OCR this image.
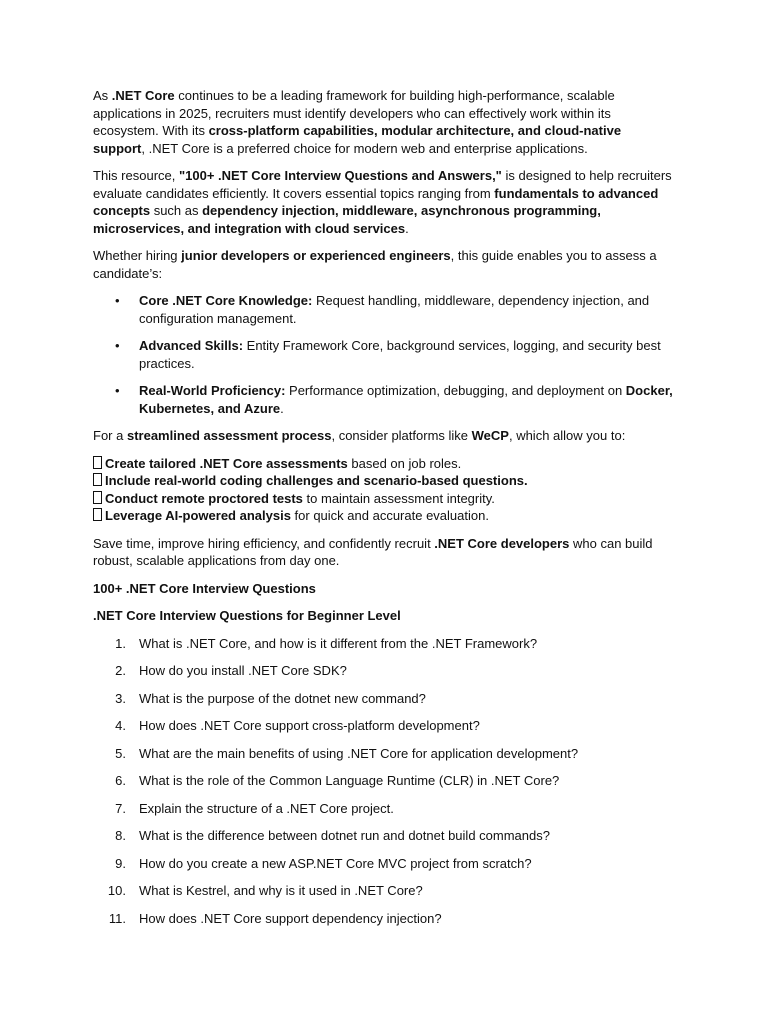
As .NET Core continues to be a leading framework for building high-performance, scalable applications in 2025, recruiters must identify developers who can effectively work within its ecosystem. With its cross-platform capabilities, modular architecture, and cloud-native support, .NET Core is a preferred choice for modern web and enterprise applications.

This resource, "100+ .NET Core Interview Questions and Answers," is designed to help recruiters evaluate candidates efficiently. It covers essential topics ranging from fundamentals to advanced concepts such as dependency injection, middleware, asynchronous programming, microservices, and integration with cloud services.

Whether hiring junior developers or experienced engineers, this guide enables you to assess a candidate’s:

• Core .NET Core Knowledge: Request handling, middleware, dependency injection, and configuration management.
• Advanced Skills: Entity Framework Core, background services, logging, and security best practices.
• Real-World Proficiency: Performance optimization, debugging, and deployment on Docker, Kubernetes, and Azure.

For a streamlined assessment process, consider platforms like WeCP, which allow you to:

Create tailored .NET Core assessments based on job roles.
Include real-world coding challenges and scenario-based questions.
Conduct remote proctored tests to maintain assessment integrity.
Leverage AI-powered analysis for quick and accurate evaluation.

Save time, improve hiring efficiency, and confidently recruit .NET Core developers who can build robust, scalable applications from day one.

100+ .NET Core Interview Questions
.NET Core Interview Questions for Beginner Level
1. What is .NET Core, and how is it different from the .NET Framework?
2. How do you install .NET Core SDK?
3. What is the purpose of the dotnet new command?
4. How does .NET Core support cross-platform development?
5. What are the main benefits of using .NET Core for application development?
6. What is the role of the Common Language Runtime (CLR) in .NET Core?
7. Explain the structure of a .NET Core project.
8. What is the difference between dotnet run and dotnet build commands?
9. How do you create a new ASP.NET Core MVC project from scratch?
10. What is Kestrel, and why is it used in .NET Core?
11. How does .NET Core support dependency injection?
